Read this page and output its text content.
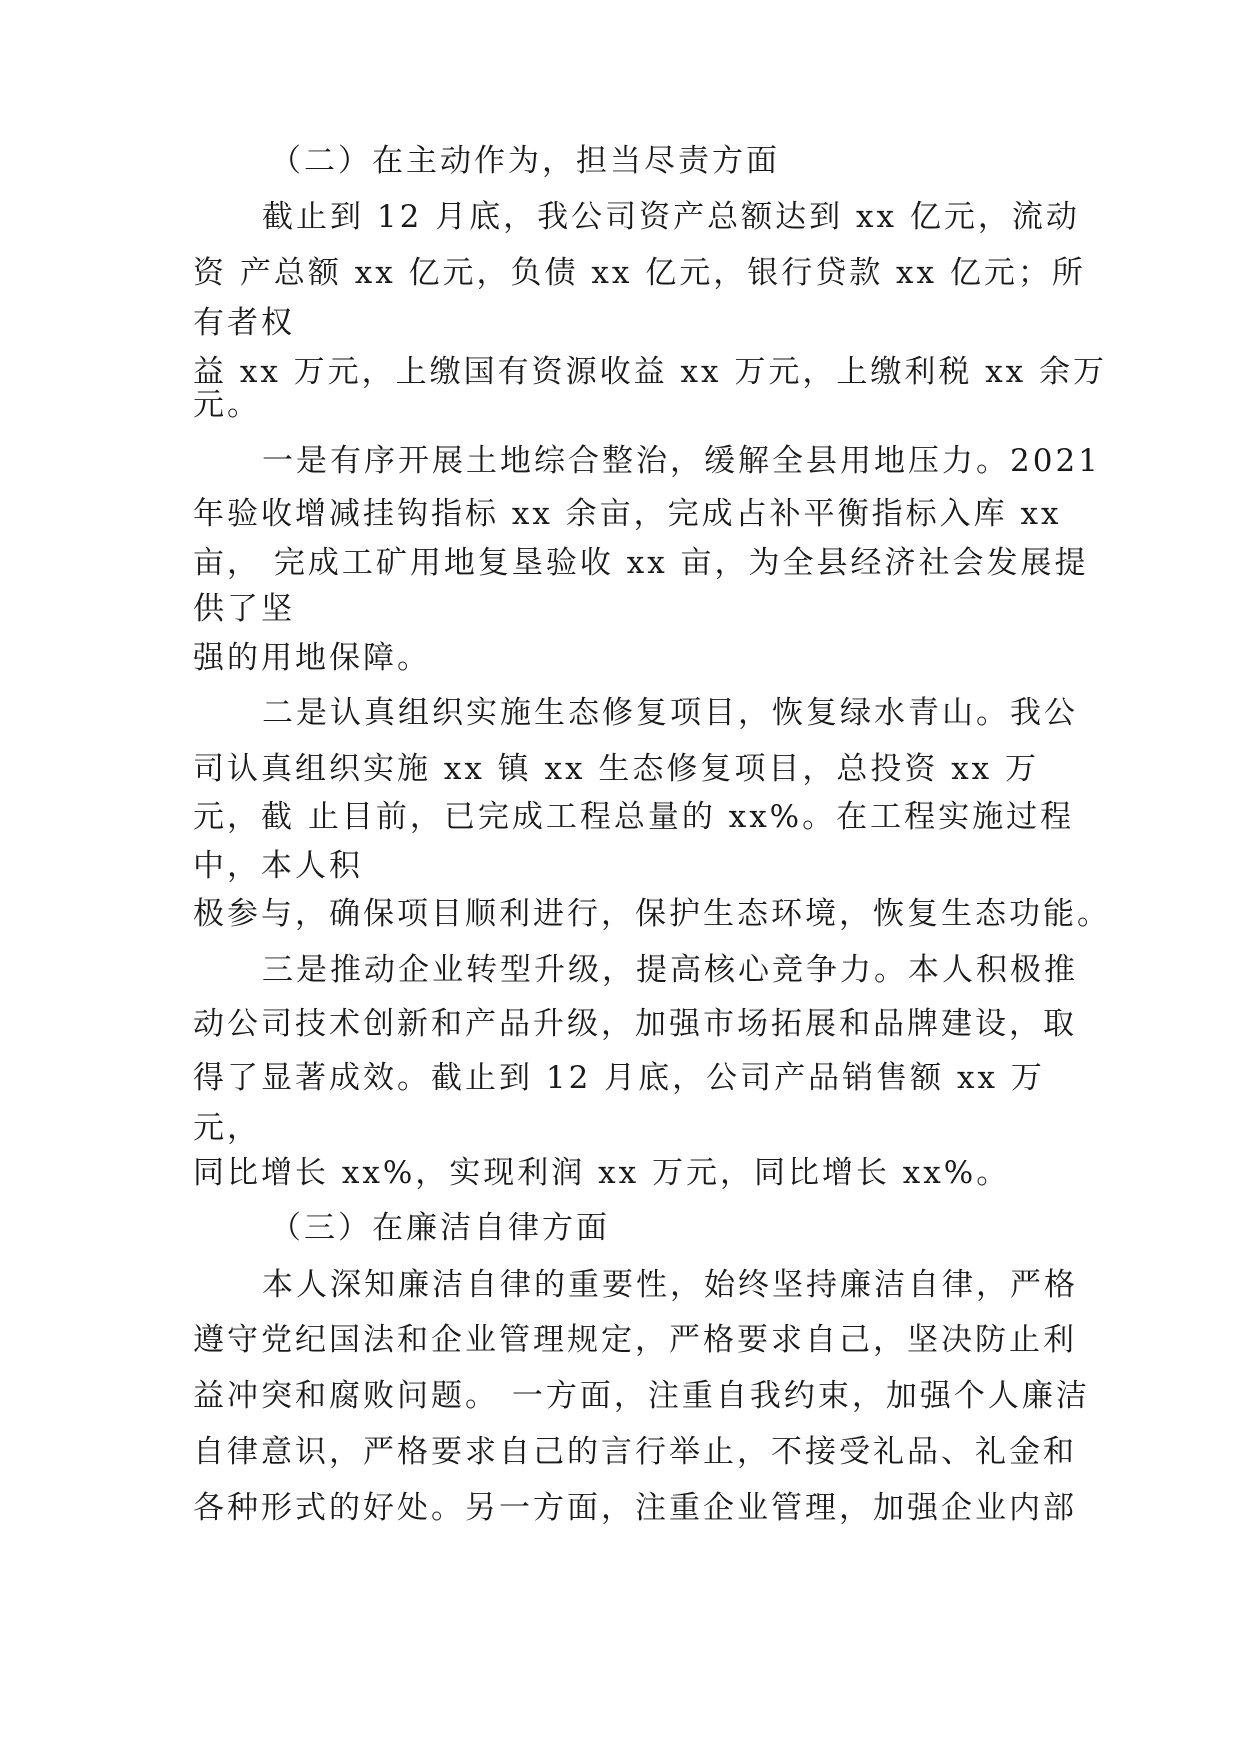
（二）在主动作为，担当尽责方面

截止到 12 月底，我公司资产总额达到 xx 亿元，流动

资 产总额 xx 亿元，负债 xx 亿元，银行贷款 xx 亿元；所

有者权

益 xx 万元，上缴国有资源收益 xx 万元，上缴利税 xx 余万

元。

一是有序开展土地综合整治，缓解全县用地压力。2021

年验收增减挂钩指标 xx 余亩，完成占补平衡指标入库 xx

亩， 完成工矿用地复垦验收 xx 亩，为全县经济社会发展提

供了坚

强的用地保障。

二是认真组织实施生态修复项目，恢复绿水青山。我公

司认真组织实施 xx 镇 xx 生态修复项目，总投资 xx 万

元，截 止目前，已完成工程总量的 xx%。在工程实施过程

中，本人积

极参与，确保项目顺利进行，保护生态环境，恢复生态功能。

三是推动企业转型升级，提高核心竞争力。本人积极推

动公司技术创新和产品升级，加强市场拓展和品牌建设，取

得了显著成效。截止到 12 月底，公司产品销售额 xx 万

元，

同比增长 xx%，实现利润 xx 万元，同比增长 xx%。

（三）在廉洁自律方面

本人深知廉洁自律的重要性，始终坚持廉洁自律，严格

遵守党纪国法和企业管理规定，严格要求自己，坚决防止利

益冲突和腐败问题。 一方面，注重自我约束，加强个人廉洁

自律意识，严格要求自己的言行举止，不接受礼品、礼金和

各种形式的好处。另一方面，注重企业管理，加强企业内部
